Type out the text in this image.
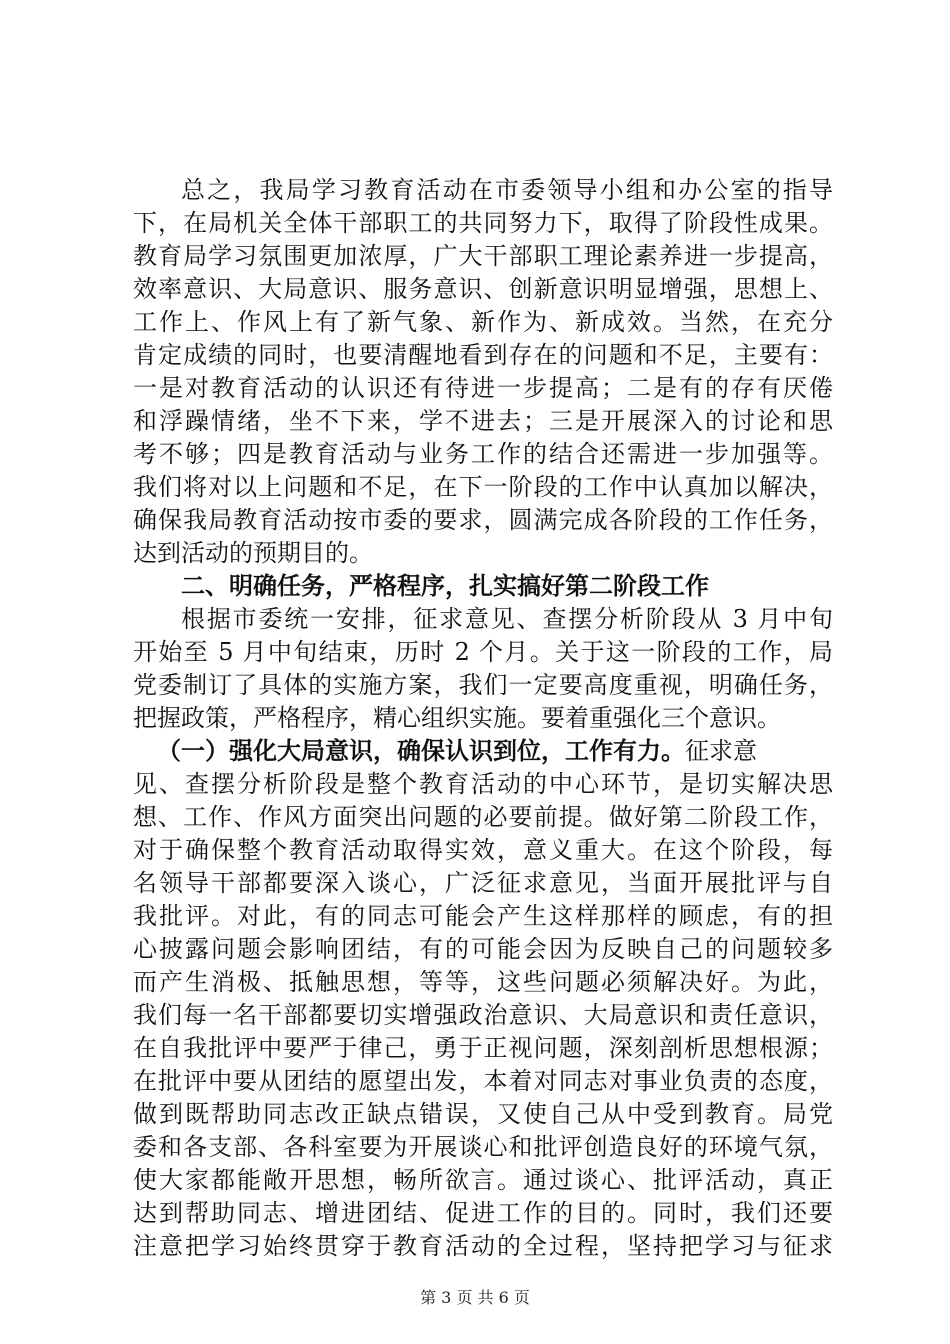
总之，我局学习教育活动在市委领导小组和办公室的指导
下，在局机关全体干部职工的共同努力下，取得了阶段性成果。
教育局学习氛围更加浓厚，广大干部职工理论素养进一步提高，
效率意识、大局意识、服务意识、创新意识明显增强，思想上、
工作上、作风上有了新气象、新作为、新成效。当然，在充分
肯定成绩的同时，也要清醒地看到存在的问题和不足，主要有：
一是对教育活动的认识还有待进一步提高；二是有的存有厌倦
和浮躁情绪，坐不下来，学不进去；三是开展深入的讨论和思
考不够；四是教育活动与业务工作的结合还需进一步加强等。
我们将对以上问题和不足，在下一阶段的工作中认真加以解决，
确保我局教育活动按市委的要求，圆满完成各阶段的工作任务，
达到活动的预期目的。
二、明确任务，严格程序，扎实搞好第二阶段工作
根据市委统一安排，征求意见、查摆分析阶段从 3 月中旬
开始至 5 月中旬结束，历时 2 个月。关于这一阶段的工作，局
党委制订了具体的实施方案，我们一定要高度重视，明确任务，
把握政策，严格程序，精心组织实施。要着重强化三个意识。
（一）强化大局意识，确保认识到位，工作有力。征求意
见、查摆分析阶段是整个教育活动的中心环节，是切实解决思
想、工作、作风方面突出问题的必要前提。做好第二阶段工作，
对于确保整个教育活动取得实效，意义重大。在这个阶段，每
名领导干部都要深入谈心，广泛征求意见，当面开展批评与自
我批评。对此，有的同志可能会产生这样那样的顾虑，有的担
心披露问题会影响团结，有的可能会因为反映自己的问题较多
而产生消极、抵触思想，等等，这些问题必须解决好。为此，
我们每一名干部都要切实增强政治意识、大局意识和责任意识，
在自我批评中要严于律己，勇于正视问题，深刻剖析思想根源；
在批评中要从团结的愿望出发，本着对同志对事业负责的态度，
做到既帮助同志改正缺点错误，又使自己从中受到教育。局党
委和各支部、各科室要为开展谈心和批评创造良好的环境气氛，
使大家都能敞开思想，畅所欲言。通过谈心、批评活动，真正
达到帮助同志、增进团结、促进工作的目的。同时，我们还要
注意把学习始终贯穿于教育活动的全过程，坚持把学习与征求
第 3 页 共 6 页
